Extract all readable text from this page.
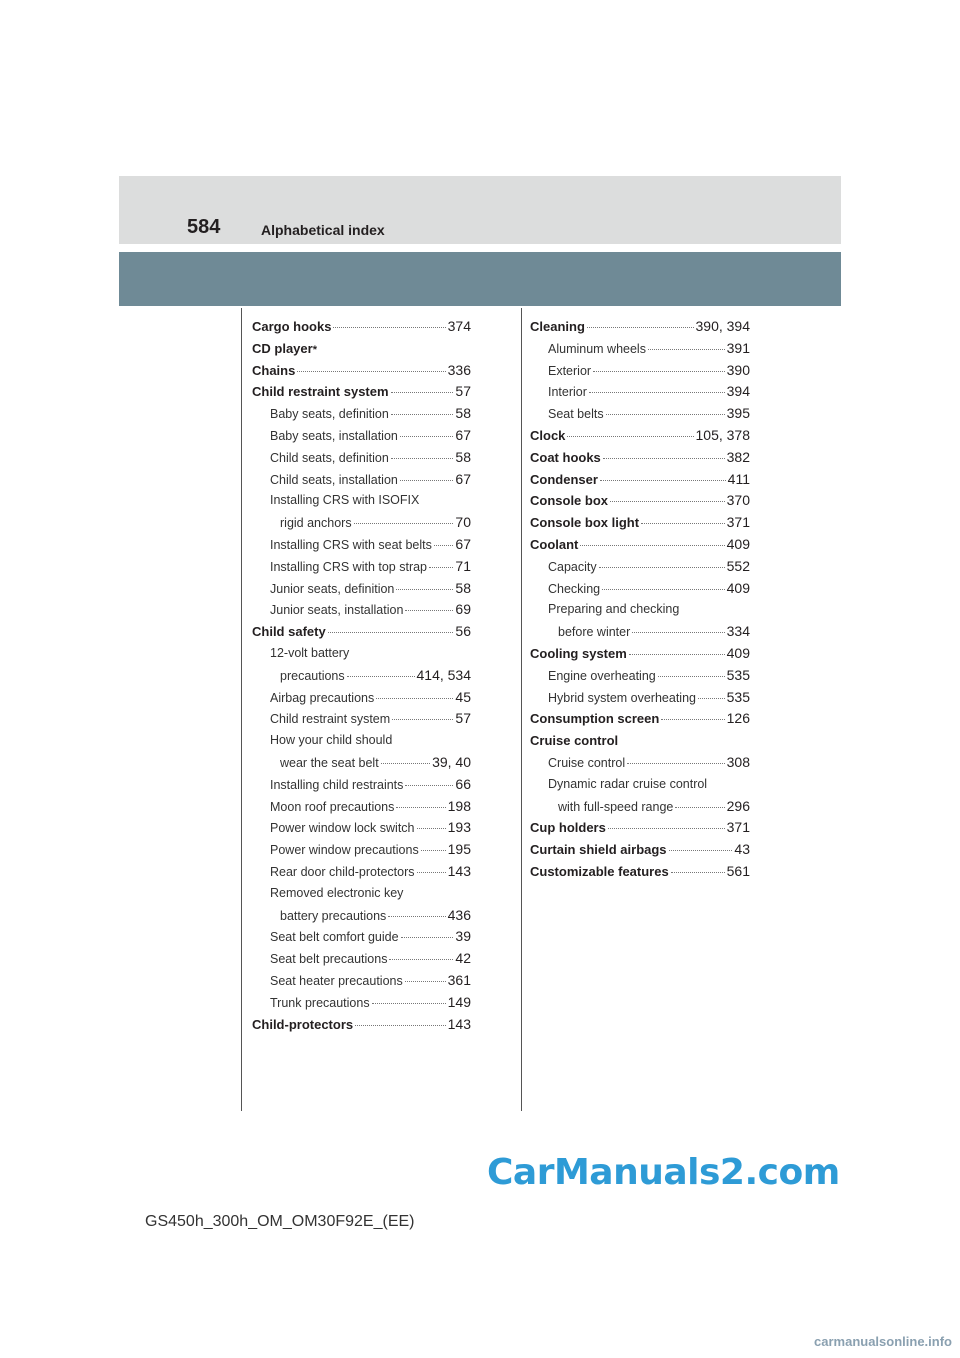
584	Alphabetical index
Cargo hooks	374
CD player *
Chains	336
Child restraint system	57
Baby seats, definition	58
Baby seats, installation	67
Child seats, definition	58
Child seats, installation	67
Installing CRS with ISOFIX
rigid anchors	70
Installing CRS with seat belts 67
Installing CRS with top strap 71
Junior seats, definition	58
Junior seats, installation	69
Child safety	56
12-volt battery
precautions	414, 534
Airbag precautions	45
Child restraint system	57
How your child should
wear the seat belt	39, 40
Installing child restraints	66
Moon roof precautions	198
Power window lock switch 193
Power window precautions 195
Rear door child-protectors 143
Removed electronic key
battery precautions	436
Seat belt comfort guide	39
Seat belt precautions	42
Seat heater precautions	361
Trunk precautions	149
Child-protectors	143
Cleaning	390, 394
Aluminum wheels	391
Exterior	390
Interior	394
Seat belts	395
Clock	105, 378
Coat hooks	382
Condenser	411
Console box	370
Console box light	371
Coolant	409
Capacity	552
Checking	409
Preparing and checking
before winter	334
Cooling system	409
Engine overheating	535
Hybrid system overheating 535
Consumption screen	126
Cruise control
Cruise control	308
Dynamic radar cruise control
with full-speed range	296
Cup holders	371
Curtain shield airbags	43
Customizable features	561
CarManuals2.com
GS450h_300h_OM_OM30F92E_(EE)
carmanualsonline.info
